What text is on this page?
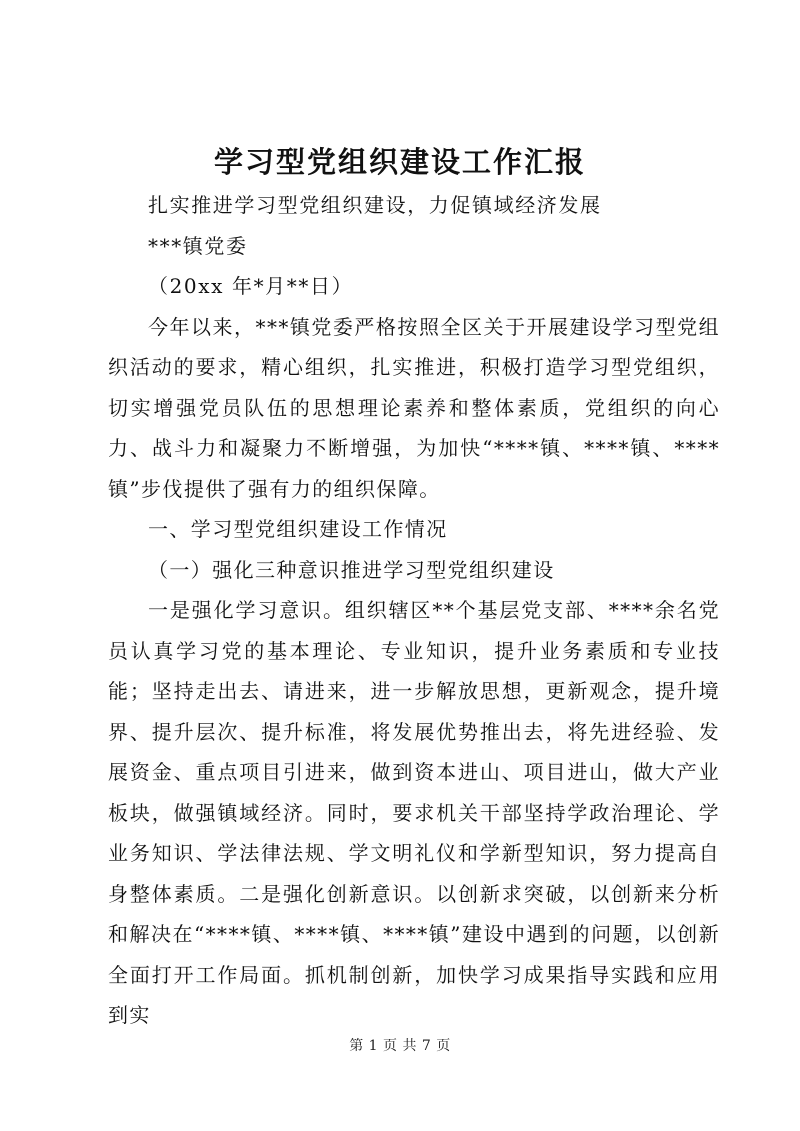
学习型党组织建设工作汇报

扎实推进学习型党组织建设，力促镇域经济发展

***镇党委

（20xx 年*月**日）

今年以来，***镇党委严格按照全区关于开展建设学习型党组织活动的要求，精心组织，扎实推进，积极打造学习型党组织，切实增强党员队伍的思想理论素养和整体素质，党组织的向心力、战斗力和凝聚力不断增强，为加快“****镇、****镇、****镇”步伐提供了强有力的组织保障。

一、学习型党组织建设工作情况

（一）强化三种意识推进学习型党组织建设

一是强化学习意识。组织辖区**个基层党支部、****余名党员认真学习党的基本理论、专业知识，提升业务素质和专业技能；坚持走出去、请进来，进一步解放思想，更新观念，提升境界、提升层次、提升标准，将发展优势推出去，将先进经验、发展资金、重点项目引进来，做到资本进山、项目进山，做大产业板块，做强镇域经济。同时，要求机关干部坚持学政治理论、学业务知识、学法律法规、学文明礼仪和学新型知识，努力提高自身整体素质。二是强化创新意识。以创新求突破，以创新来分析和解决在“****镇、****镇、****镇”建设中遇到的问题，以创新全面打开工作局面。抓机制创新，加快学习成果指导实践和应用到实

第 1 页 共 7 页
